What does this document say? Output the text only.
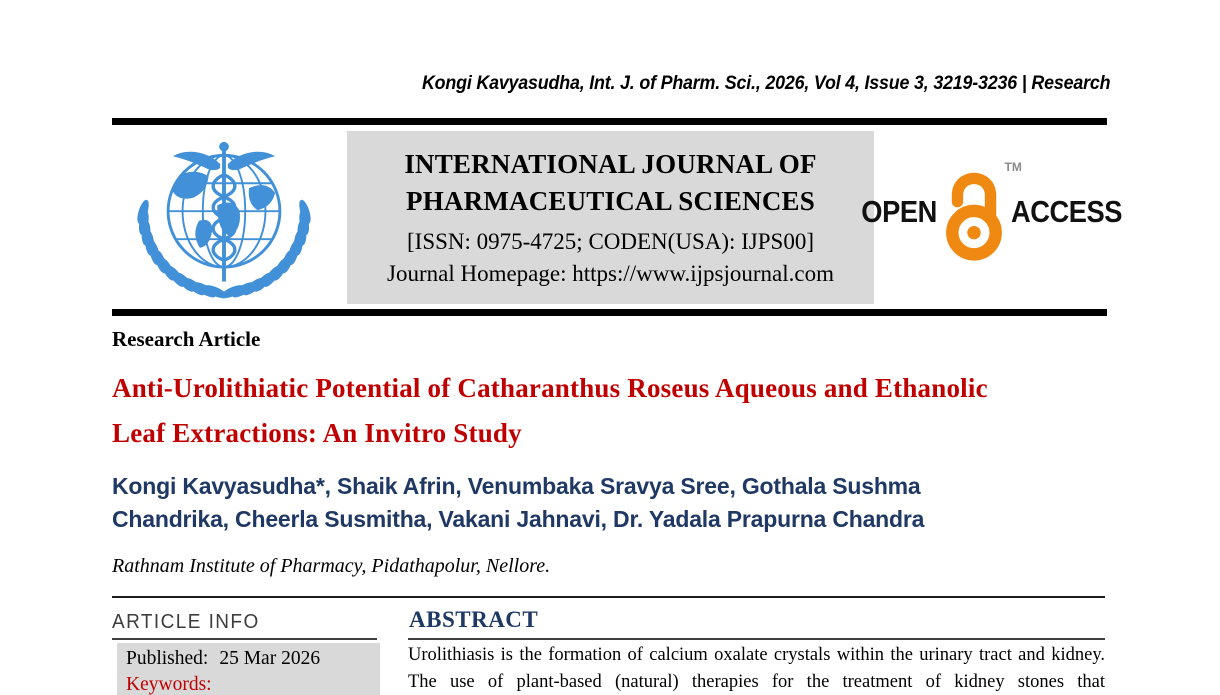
Kongi Kavyasudha, Int. J. of Pharm. Sci., 2026, Vol 4, Issue 3, 3219-3236 | Research
INTERNATIONAL JOURNAL OF PHARMACEUTICAL SCIENCES
[ISSN: 0975-4725; CODEN(USA): IJPS00]
Journal Homepage: https://www.ijpsjournal.com
OPEN
TM
ACCESS
Research Article
Anti-Urolithiatic Potential of Catharanthus Roseus Aqueous and Ethanolic Leaf Extractions: An Invitro Study
Kongi Kavyasudha*, Shaik Afrin, Venumbaka Sravya Sree, Gothala Sushma Chandrika, Cheerla Susmitha, Vakani Jahnavi, Dr. Yadala Prapurna Chandra
Rathnam Institute of Pharmacy, Pidathapolur, Nellore.
ARTICLE INFO
Published: 25 Mar 2026
Keywords:
ABSTRACT

Urolithiasis is the formation of calcium oxalate crystals within the urinary tract and kidney. The use of plant-based (natural) therapies for the treatment of kidney stones that
